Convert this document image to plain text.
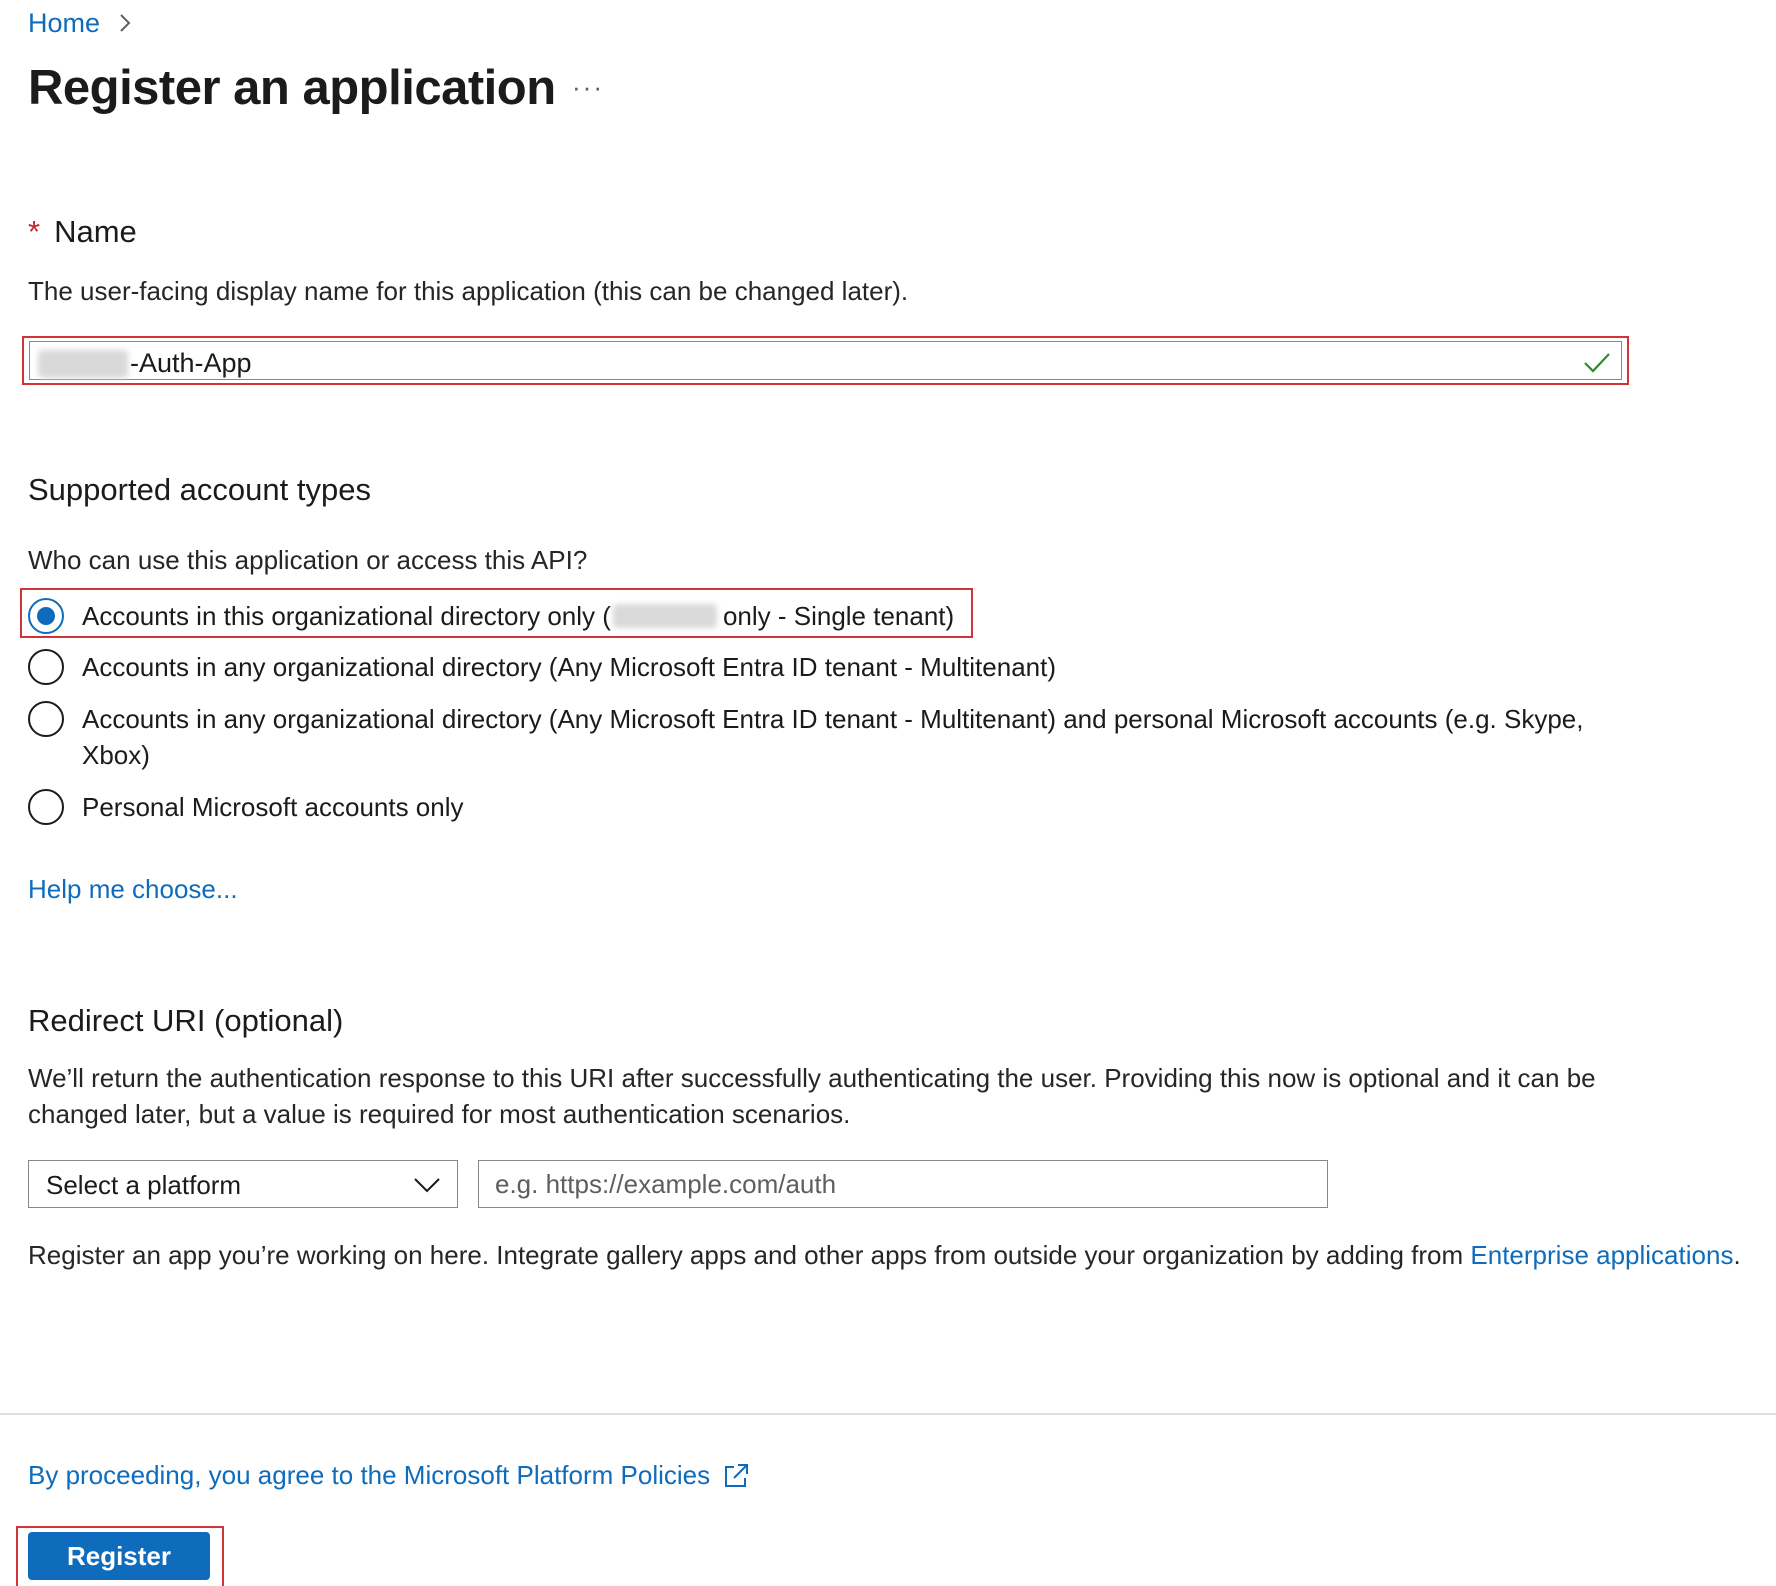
Home
Register an application ···
* Name
The user-facing display name for this application (this can be changed later).
-Auth-App
Supported account types
Who can use this application or access this API?
Accounts in this organizational directory only (	only - Single tenant)
Accounts in any organizational directory (Any Microsoft Entra ID tenant - Multitenant)
Accounts in any organizational directory (Any Microsoft Entra ID tenant - Multitenant) and personal Microsoft accounts (e.g. Skype, Xbox)
Personal Microsoft accounts only
Help me choose...
Redirect URI (optional)
We’ll return the authentication response to this URI after successfully authenticating the user. Providing this now is optional and it can be changed later, but a value is required for most authentication scenarios.
Select a platform
e.g. https://example.com/auth
Register an app you’re working on here. Integrate gallery apps and other apps from outside your organization by adding from Enterprise applications.
By proceeding, you agree to the Microsoft Platform Policies
Register
